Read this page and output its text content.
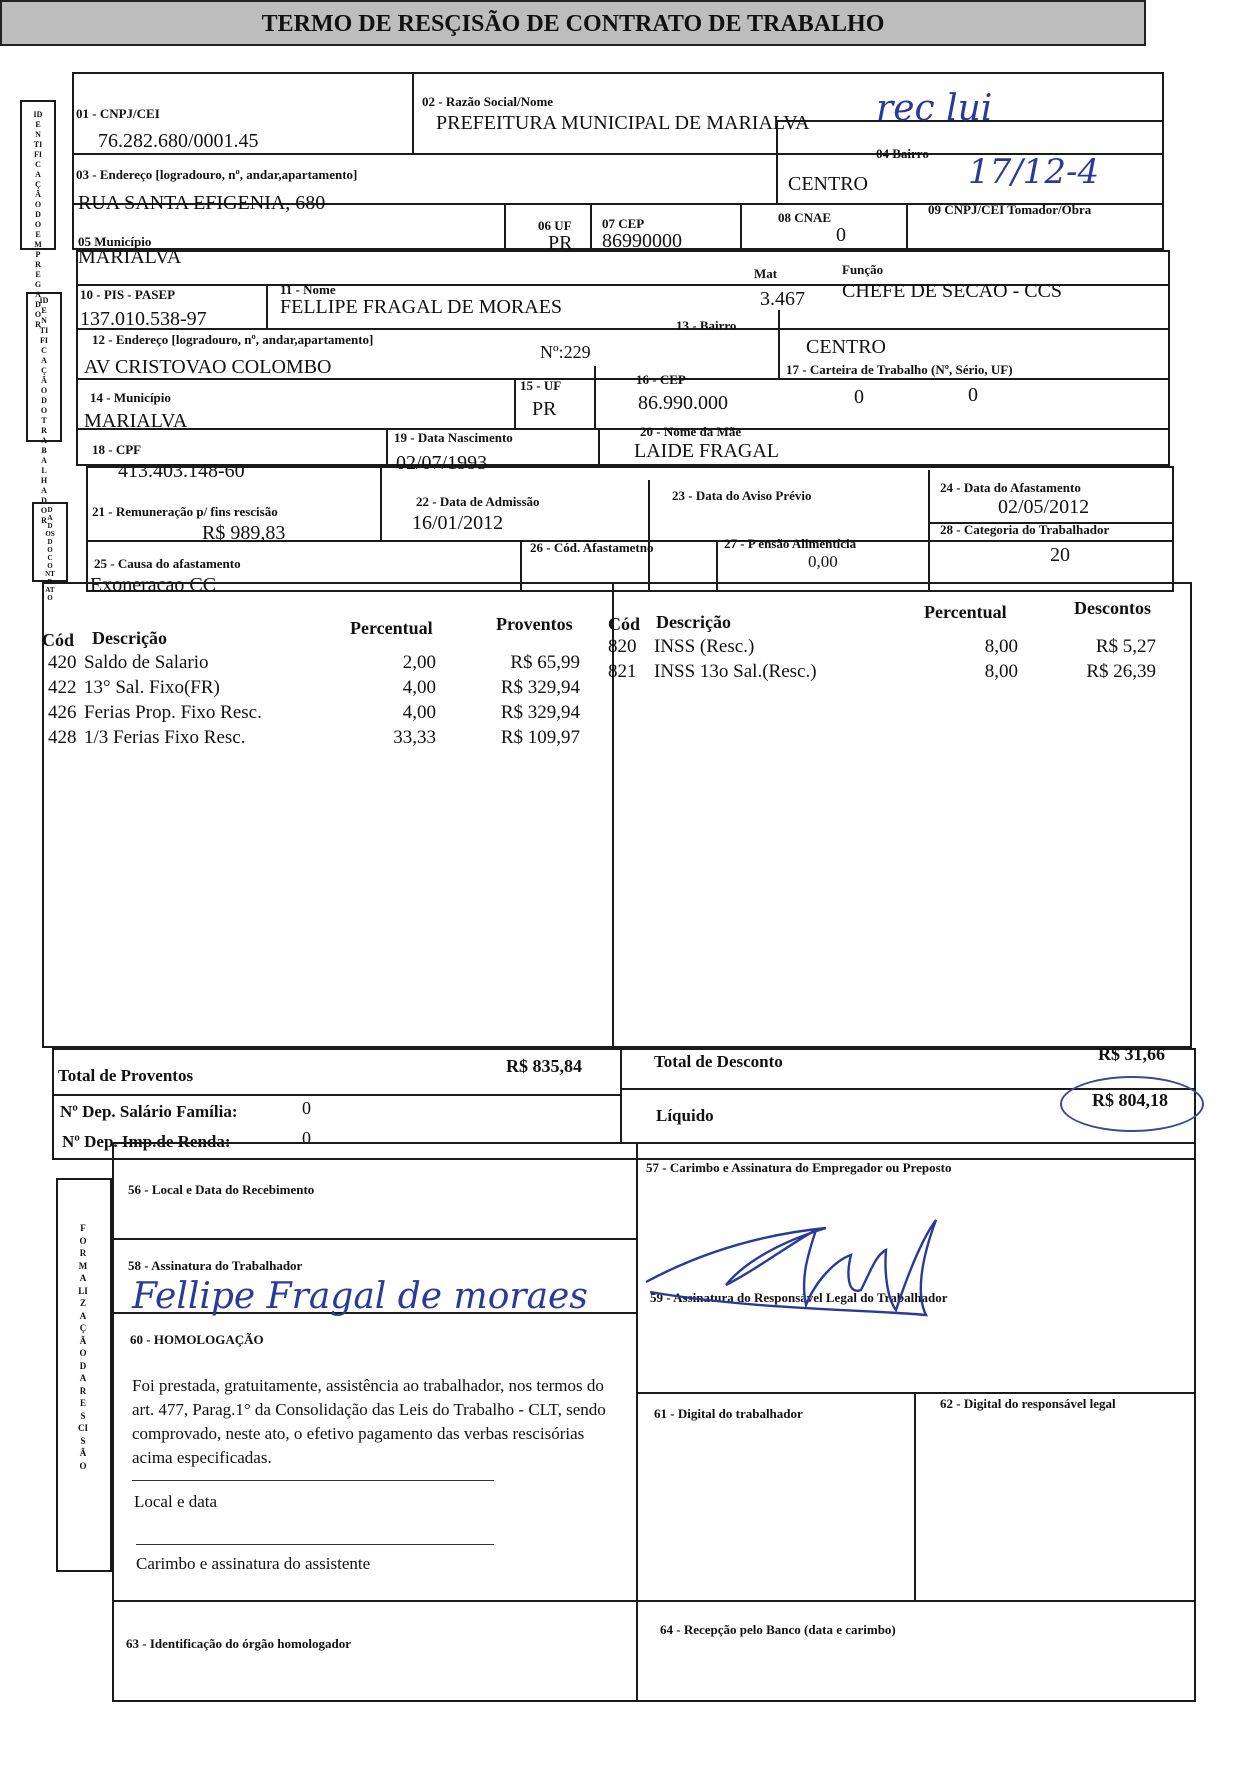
TERMO DE RESÇISÃO DE CONTRATO DE TRABALHO
IDENTIFICAÇÃO DO EMPREGADOR
01 - CNPJ/CEI
76.282.680/0001.45
02 - Razão Social/Nome
PREFEITURA MUNICIPAL DE MARIALVA
03 - Endereço [logradouro, nº, andar,apartamento]
RUA SANTA EFIGENIA, 680
04 Bairro
CENTRO
05 Município
MARIALVA
06 UF
PR
07 CEP
86990000
08 CNAE
0
09 CNPJ/CEI Tomador/Obra
rec lui
17/12-4
IDENTIFICAÇÃO DO TRABALHADOR
10 - PIS - PASEP
137.010.538-97
11 - Nome
FELLIPE FRAGAL DE MORAES
Mat
3.467
Função
CHEFE DE SECAO - CCS
12 - Endereço [logradouro, nº, andar,apartamento]
AV CRISTOVAO COLOMBO
Nº:229
13 - Bairro
CENTRO
14 - Município
MARIALVA
15 - UF
PR
16 - CEP
86.990.000
17 - Carteira de Trabalho (Nº, Sério, UF)
0	0
18 - CPF
413.403.148-60
19 - Data Nascimento
02/07/1993
20 - Nome da Mãe
LAIDE FRAGAL
DADOS DO CONTRATO
21 - Remuneração p/ fins rescisão
R$ 989,83
22 - Data de Admissão
16/01/2012
23 - Data do Aviso Prévio
24 - Data do Afastamento
02/05/2012
28 - Categoria do Trabalhador
20
25 - Causa do afastamento
Exoneracao CC
26 - Cód. Afastametno	27 - P ensão Alimentícia
0,00
Cód Descrição	Percentual	Proventos
420 Saldo de Salario	2,00	R$ 65,99
422 13° Sal. Fixo(FR)	4,00	R$ 329,94
426 Ferias Prop. Fixo Resc.	4,00	R$ 329,94
428 1/3 Ferias Fixo Resc.	33,33	R$ 109,97
Cód Descrição	Percentual	Descontos
820 INSS (Resc.)	8,00	R$ 5,27
821 INSS 13o Sal.(Resc.)	8,00	R$ 26,39
Total de Proventos	R$ 835,84	Total de Desconto	R$ 31,66
Nº Dep. Salário Família:	0
Nº Dep. Imp.de Renda:	0
Líquido
R$ 804,18
FORMALIZAÇÃO DA RESCISÃO
56 - Local e Data do Recebimento
57 - Carimbo e Assinatura do Empregador ou Preposto
58 - Assinatura do Trabalhador
Fellipe Fragal de moraes	59 - Assinatura do Responsável Legal do Trabalhador
60 - HOMOLOGAÇÃO
Foi prestada, gratuitamente, assistência ao trabalhador, nos termos do art. 477, Parag.1° da Consolidação das Leis do Trabalho - CLT, sendo comprovado, neste ato, o efetivo pagamento das verbas rescisórias acima especificadas.
Local e data
Carimbo e assinatura do assistente
61 - Digital do trabalhador
62 - Digital do responsável legal
63 - Identificação do órgão homologador
64 - Recepção pelo Banco (data e carimbo)
